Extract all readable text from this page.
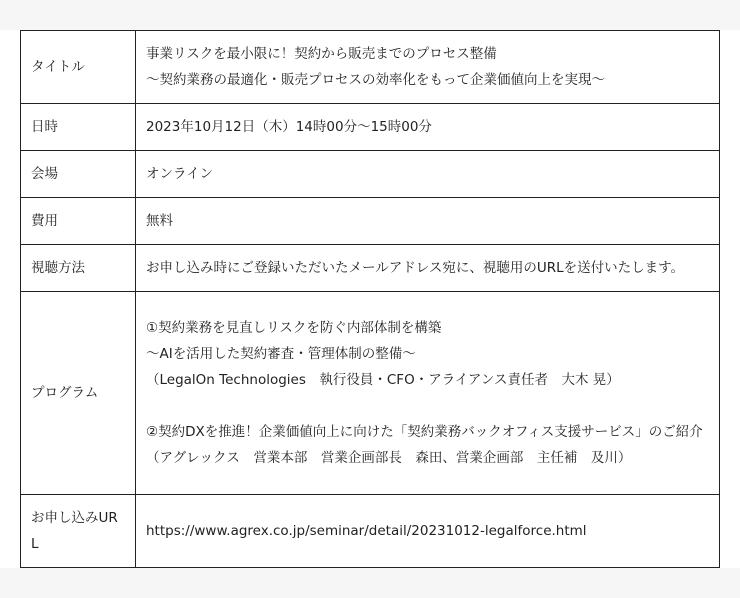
タイトル	事業リスクを最小限に！契約から販売までのプロセス整備
～契約業務の最適化・販売プロセスの効率化をもって企業価値向上を実現～

日時	2023年10月12日（木）14時00分～15時00分

会場	オンライン

費用	無料

視聴方法	お申し込み時にご登録いただいたメールアドレス宛に、視聴用のURLを送付いたします。

プログラム	①契約業務を見直しリスクを防ぐ内部体制を構築
～AIを活用した契約審査・管理体制の整備～
（LegalOn Technologies　執行役員・CFO・アライアンス責任者　大木 晃）
②契約DXを推進！企業価値向上に向けた「契約業務バックオフィス支援サービス」のご紹介
（アグレックス　営業本部　営業企画部長　森田、営業企画部　主任補　及川）

お申し込みURL	https://www.agrex.co.jp/seminar/detail/20231012-legalforce.html
